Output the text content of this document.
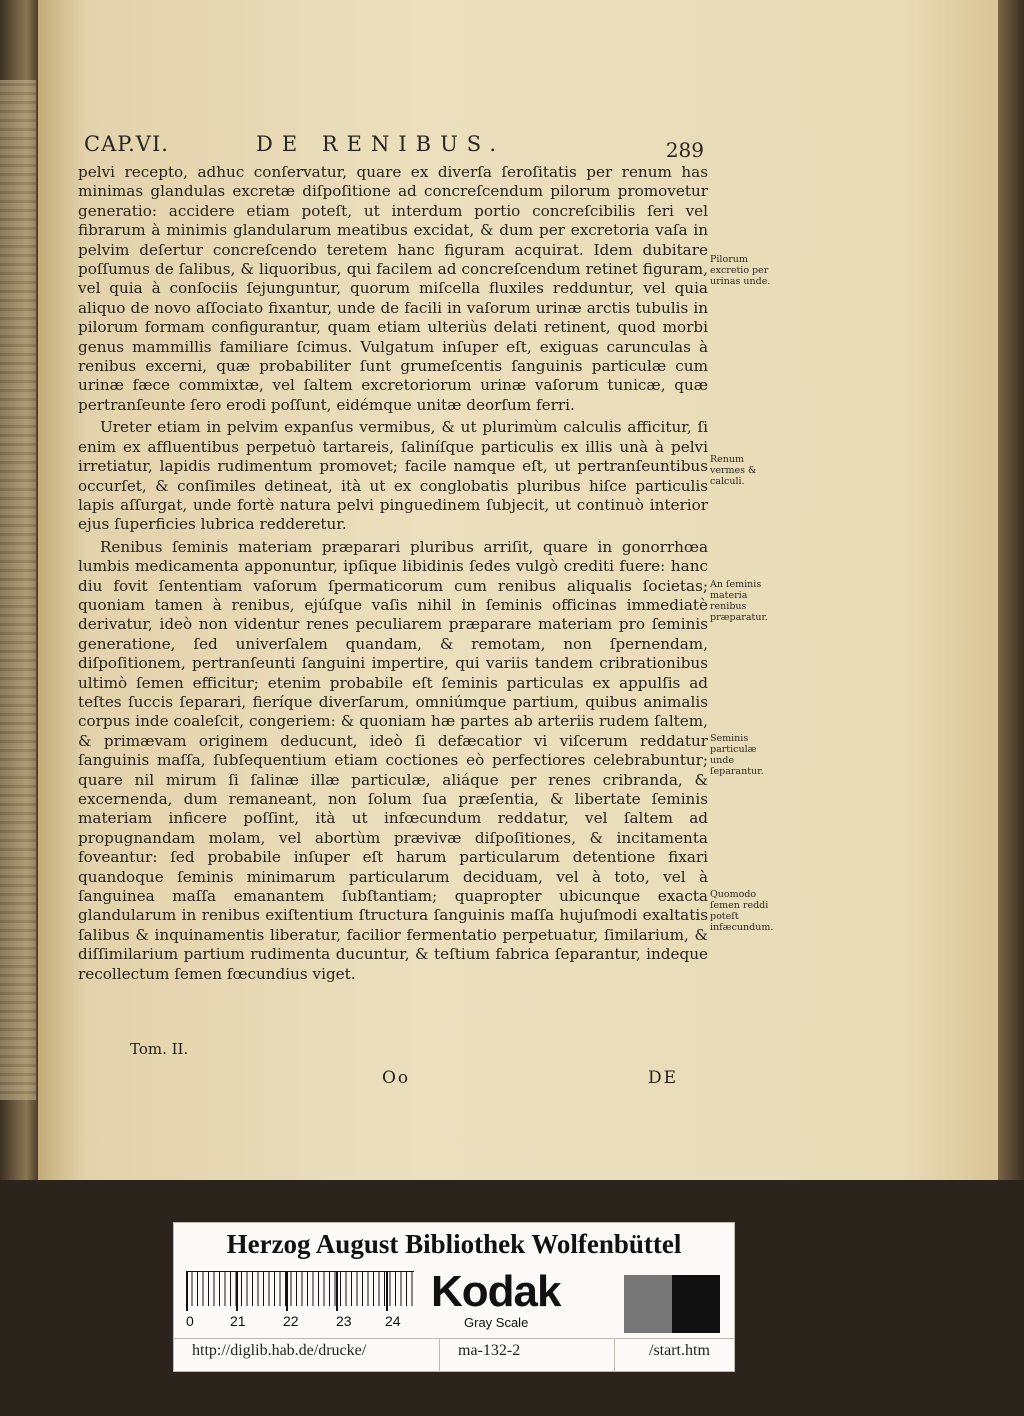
CAP.VI.	DE RENIBUS.	289

pelvi recepto, adhuc conſervatur, quare ex diverſa ſeroſitatis per renum has minimas glandulas excretæ diſpoſitione ad concreſcendum pilorum promovetur generatio: accidere etiam poteſt, ut interdum portio concreſcibilis ſeri vel fibrarum à minimis glandularum meatibus excidat, & dum per excretoria vaſa in pelvim deſertur concreſcendo teretem hanc figuram acquirat. Idem dubitare poſſumus de ſalibus, & liquoribus, qui facilem ad concreſcendum retinet figuram, vel quia à conſociis ſejunguntur, quorum miſcella fluxiles redduntur, vel quia aliquo de novo aſſociato fixantur, unde de facili in vaſorum urinæ arctis tubulis in pilorum formam configurantur, quam etiam ulteriùs delati retinent, quod morbi genus mammillis familiare ſcimus. Vulgatum inſuper eſt, exiguas carunculas à renibus excerni, quæ probabiliter ſunt grumeſcentis ſanguinis particulæ cum urinæ fæce commixtæ, vel ſaltem excretoriorum urinæ vaſorum tunicæ, quæ pertranſeunte ſero erodi poſſunt, eidémque unitæ deorſum ferri.

Ureter etiam in pelvim expanſus vermibus, & ut plurimùm calculis afficitur, ſi enim ex affluentibus perpetuò tartareis, ſaliníſque particulis ex illis unà à pelvi irretiatur, lapidis rudimentum promovet; facile namque eſt, ut pertranſeuntibus occurſet, & conſimiles detineat, ità ut ex conglobatis pluribus hiſce particulis lapis aſſurgat, unde fortè natura pelvi pinguedinem ſubjecit, ut continuò interior ejus ſuperficies lubrica redderetur.

Renibus ſeminis materiam præparari pluribus arriſit, quare in gonorrhœa lumbis medicamenta apponuntur, ipſique libidinis ſedes vulgò crediti fuere: hanc diu fovit ſententiam vaſorum ſpermaticorum cum renibus aliqualis ſocietas; quoniam tamen à renibus, ejúſque vaſis nihil in ſeminis officinas immediatè derivatur, ideò non videntur renes peculiarem præparare materiam pro ſeminis generatione, ſed univerſalem quandam, & remotam, non ſpernendam, diſpoſitionem, pertranſeunti ſanguini impertire, qui variis tandem cribrationibus ultimò ſemen efficitur; etenim probabile eſt ſeminis particulas ex appulſis ad teſtes ſuccis ſeparari, fieríque diverſarum, omniúmque partium, quibus animalis corpus inde coaleſcit, congeriem: & quoniam hæ partes ab arteriis rudem ſaltem, & primævam originem deducunt, ideò ſi defæcatior vi viſcerum reddatur ſanguinis maſſa, ſubſequentium etiam coctiones eò perfectiores celebrabuntur; quare nil mirum ſi ſalinæ illæ particulæ, aliáque per renes cribranda, & excernenda, dum remaneant, non ſolum ſua præſentia, & libertate ſeminis materiam inficere poſſint, ità ut infœcundum reddatur, vel ſaltem ad propugnandam molam, vel abortùm prævivæ diſpoſitiones, & incitamenta foveantur: ſed probabile inſuper eſt harum particularum detentione fixari quandoque ſeminis minimarum particularum deciduam, vel à toto, vel à ſanguinea maſſa emanantem ſubſtantiam; quapropter ubicunque exacta glandularum in renibus exiſtentium ſtructura ſanguinis maſſa hujuſmodi exaltatis ſalibus & inquinamentis liberatur, facilior fermentatio perpetuatur, ſimilarium, & diſſimilarium partium rudimenta ducuntur, & teſtium fabrica ſeparantur, indeque recollectum ſemen fœcundius viget.

Pilorum excretio per urinas unde.
Renum vermes & calculi.
An ſeminis materia renibus præparatur.
Seminis particulæ unde ſeparantur.
Quomodo ſemen reddi poteſt infæcundum.
Tom. II.
Oo	DE
Herzog August Bibliothek Wolfenbüttel
0	21	22	23 24
Kodak
Gray Scale
http://diglib.hab.de/drucke/	ma-132-2	/start.htm
